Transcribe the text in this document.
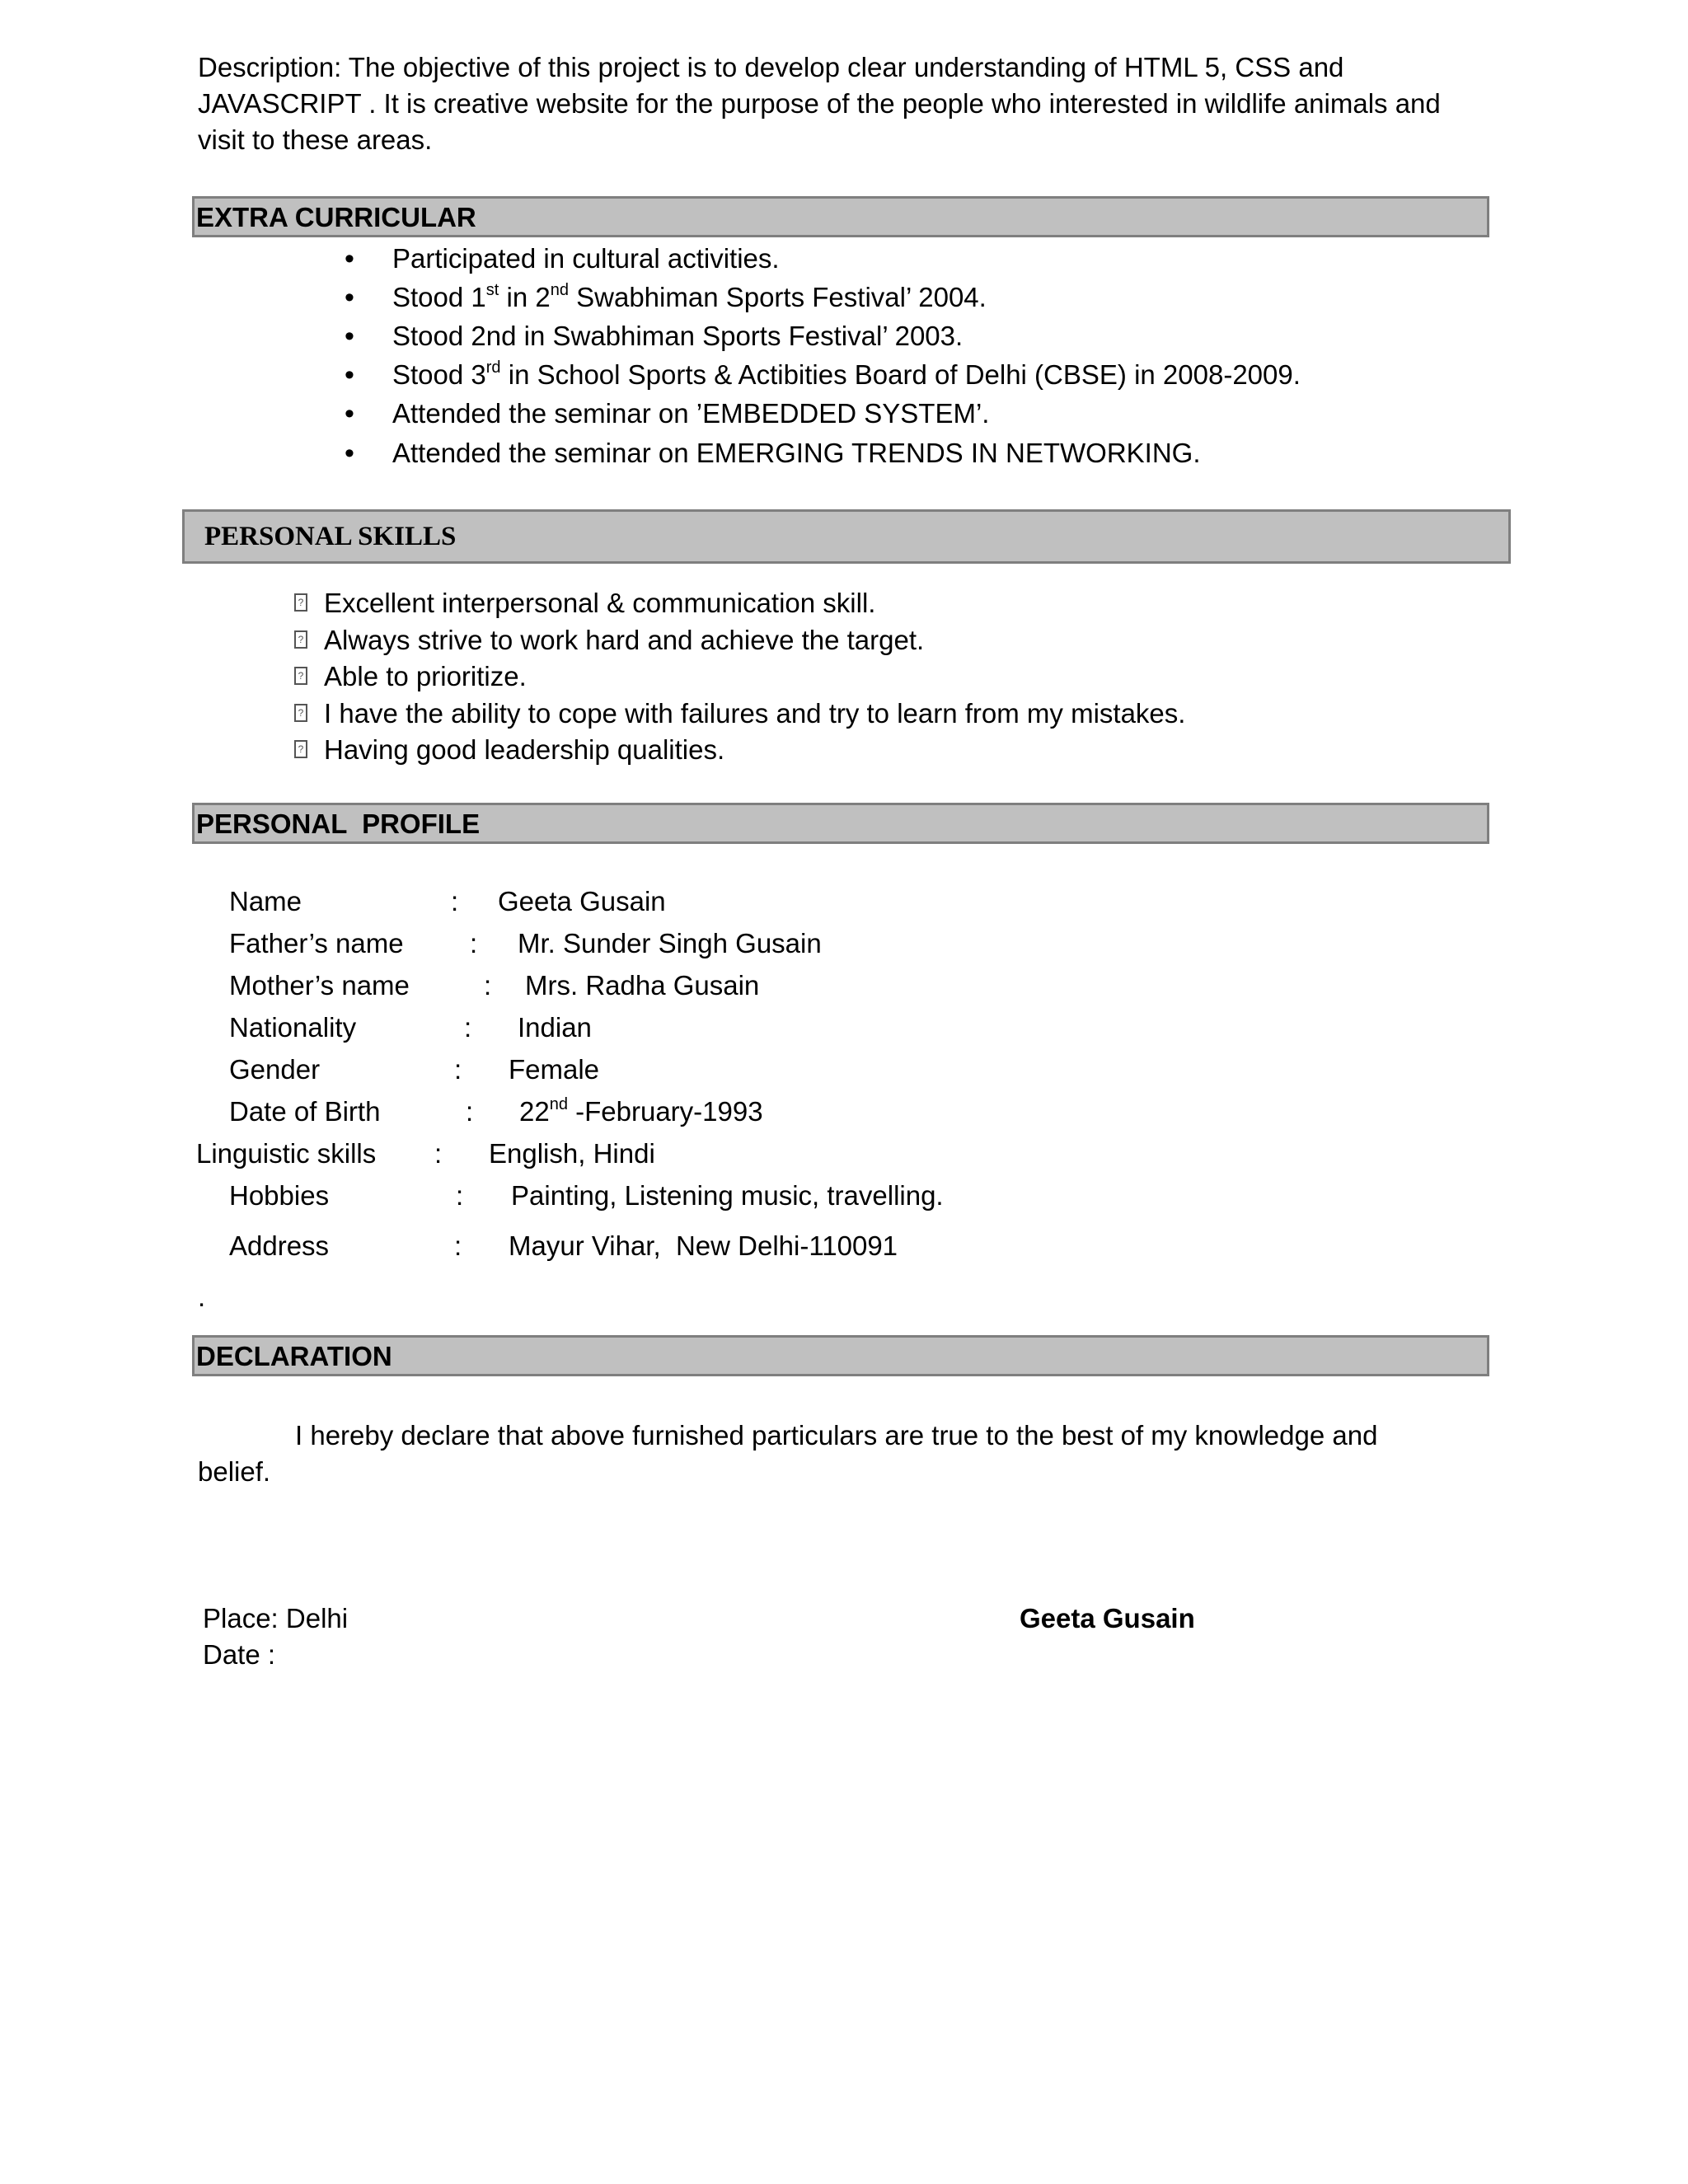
Description: The objective of this project is to develop clear understanding of HTML 5, CSS and JAVASCRIPT . It is creative website for the purpose of the people who interested in wildlife animals and visit to these areas.
EXTRA CURRICULAR
• Participated in cultural activities.
• Stood 1st in 2nd Swabhiman Sports Festival’ 2004.
• Stood 2nd in Swabhiman Sports Festival’ 2003.
• Stood 3rd in School Sports & Actibities Board of Delhi (CBSE) in 2008-2009.
• Attended the seminar on ’EMBEDDED SYSTEM’.
• Attended the seminar on EMERGING TRENDS IN NETWORKING.
PERSONAL SKILLS
? Excellent interpersonal & communication skill.
? Always strive to work hard and achieve the target.
? Able to prioritize.
? I have the ability to cope with failures and try to learn from my mistakes.
? Having good leadership qualities.
PERSONAL  PROFILE
Name	: Geeta Gusain
Father’s name : Mr. Sunder Singh Gusain
Mother’s name	: Mrs. Radha Gusain
Nationality	: Indian
Gender	: Female
Date of Birth	: 22nd -February-1993
Linguistic skills : English, Hindi
Hobbies	: Painting, Listening music, travelling.
Address	: Mayur Vihar,  New Delhi-110091
.
DECLARATION
I hereby declare that above furnished particulars are true to the best of my knowledge and
belief.
Place: Delhi
Date :
Geeta Gusain
